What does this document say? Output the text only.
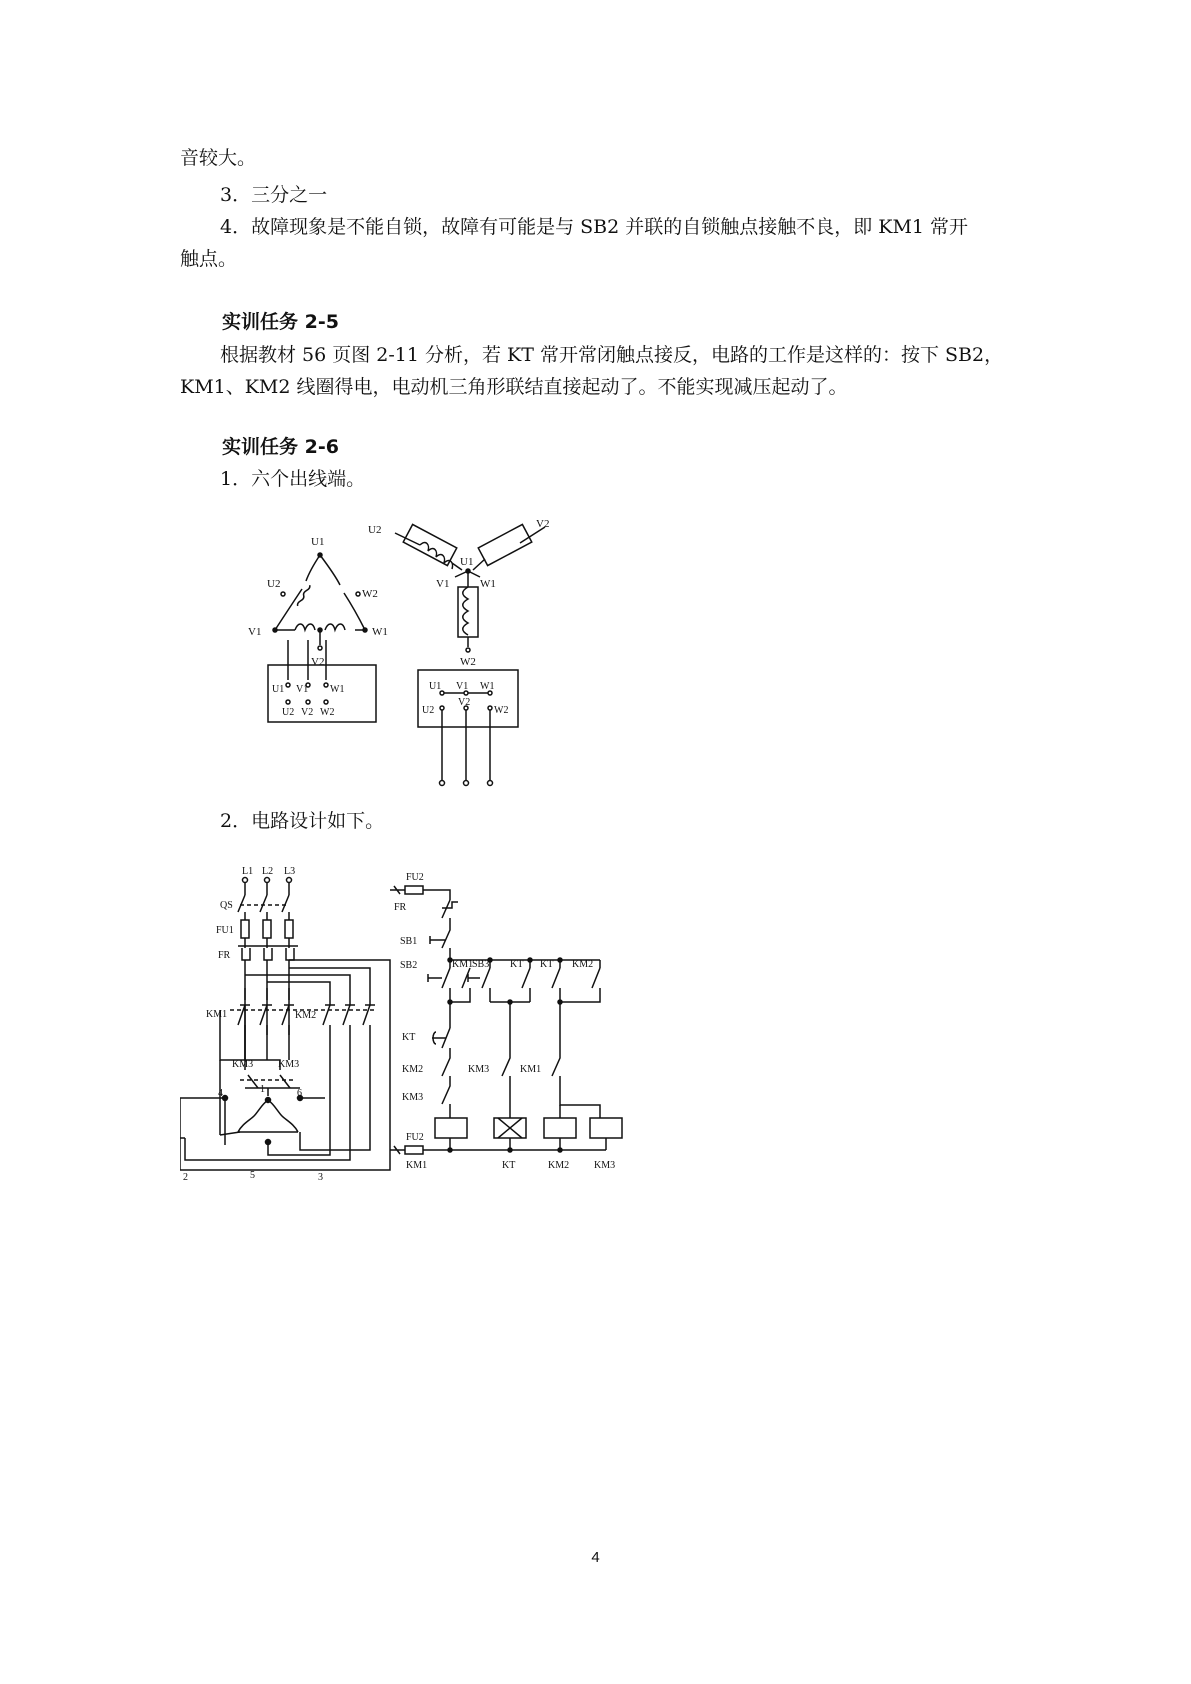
音较大。

3．三分之一

4．故障现象是不能自锁，故障有可能是与 SB2 并联的自锁触点接触不良，即 KM1 常开

触点。

实训任务 2-5

根据教材 56 页图 2-11 分析，若 KT 常开常闭触点接反，电路的工作是这样的：按下 SB2，

KM1、KM2 线圈得电，电动机三角形联结直接起动了。不能实现减压起动了。

实训任务 2-6

1．六个出线端。

U1
U2
W2
V1	W1
V2
U1 V1 W1
U2 V2 W2
U2	V2
U1
V1	W1
W2
U1 V1 W1
V2
U2	W2

2．电路设计如下。

L1 L2 L3
QS
FU1
FR
KM1	KM2
KM3 KM3
1
2	3
4
5
6
FU2
FR
SB1
SB2	KM1
SB3 KT KT KM2
KT
KM2
KM3
KM3	KM1
FU2
KM1	KT	KM2 KM3
4
